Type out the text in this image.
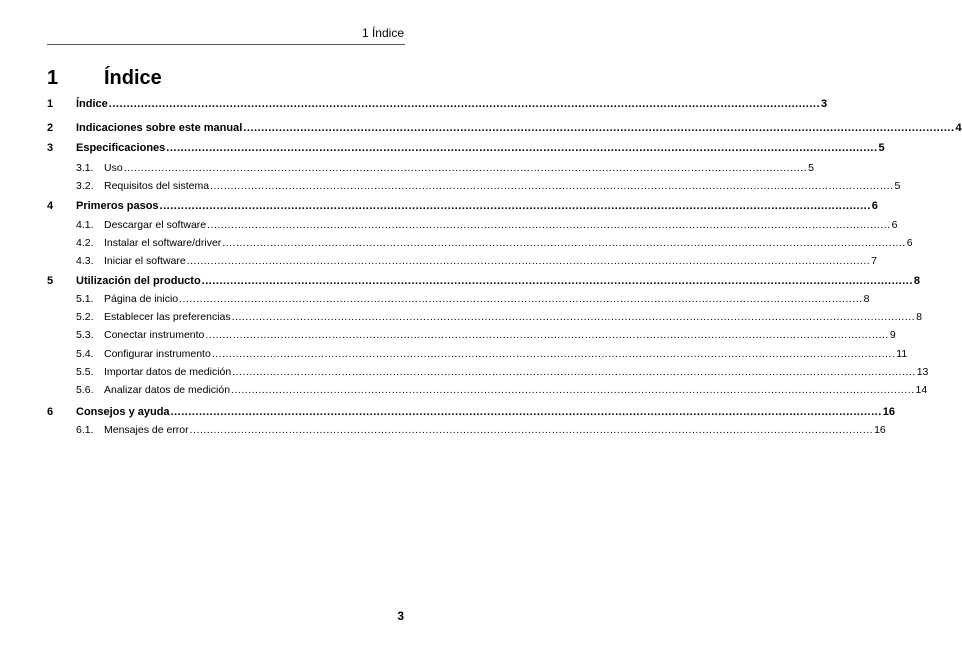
1 Índice
1 Índice
1 Índice ........................................................................................................................................................................................................ 3
2 Indicaciones sobre este manual ........................................................................................................................................................................................................ 4
3 Especificaciones ........................................................................................................................................................................................................ 5
3.1. Uso ........................................................................................................................................................................................................ 5
3.2. Requisitos del sistema ........................................................................................................................................................................................................ 5
4 Primeros pasos ........................................................................................................................................................................................................ 6
4.1. Descargar el software ........................................................................................................................................................................................................ 6
4.2. Instalar el software/driver ........................................................................................................................................................................................................ 6
4.3. Iniciar el software ........................................................................................................................................................................................................ 7
5 Utilización del producto ........................................................................................................................................................................................................ 8
5.1. Página de inicio ........................................................................................................................................................................................................ 8
5.2. Establecer las preferencias ........................................................................................................................................................................................................ 8
5.3. Conectar instrumento ........................................................................................................................................................................................................ 9
5.4. Configurar instrumento ........................................................................................................................................................................................................ 11
5.5. Importar datos de medición ........................................................................................................................................................................................................ 13
5.6. Analizar datos de medición ........................................................................................................................................................................................................ 14
6 Consejos y ayuda ........................................................................................................................................................................................................ 16
6.1. Mensajes de error ........................................................................................................................................................................................................ 16
3
